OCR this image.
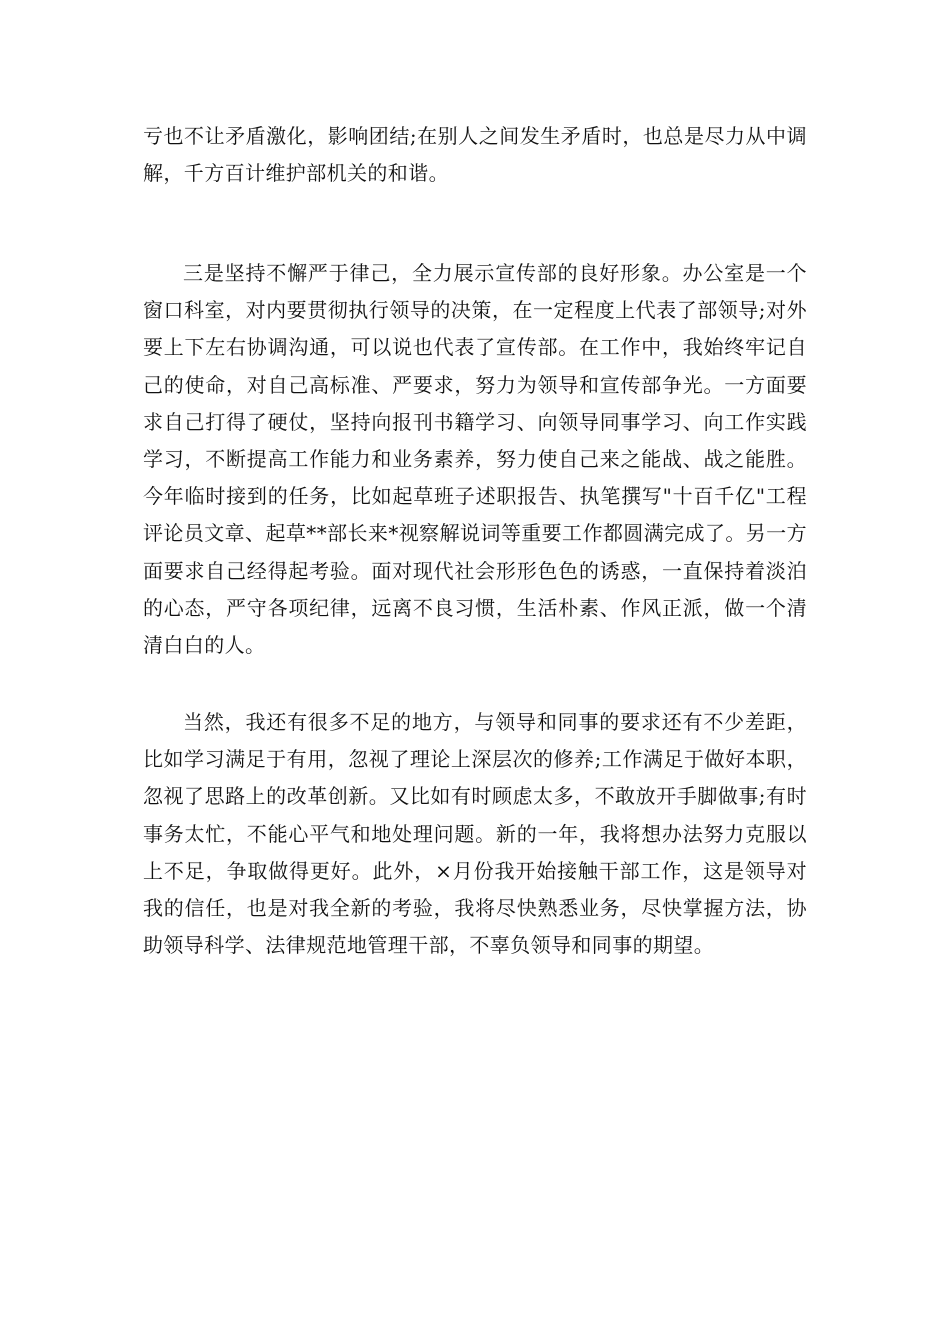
亏也不让矛盾激化，影响团结;在别人之间发生矛盾时，也总是尽力从中调解，千方百计维护部机关的和谐。

三是坚持不懈严于律己，全力展示宣传部的良好形象。办公室是一个窗口科室，对内要贯彻执行领导的决策，在一定程度上代表了部领导;对外要上下左右协调沟通，可以说也代表了宣传部。在工作中，我始终牢记自己的使命，对自己高标准、严要求，努力为领导和宣传部争光。一方面要求自己打得了硬仗，坚持向报刊书籍学习、向领导同事学习、向工作实践学习，不断提高工作能力和业务素养，努力使自己来之能战、战之能胜。今年临时接到的任务，比如起草班子述职报告、执笔撰写"十百千亿"工程评论员文章、起草**部长来*视察解说词等重要工作都圆满完成了。另一方面要求自己经得起考验。面对现代社会形形色色的诱惑，一直保持着淡泊的心态，严守各项纪律，远离不良习惯，生活朴素、作风正派，做一个清清白白的人。

当然，我还有很多不足的地方，与领导和同事的要求还有不少差距，比如学习满足于有用，忽视了理论上深层次的修养;工作满足于做好本职，忽视了思路上的改革创新。又比如有时顾虑太多，不敢放开手脚做事;有时事务太忙，不能心平气和地处理问题。新的一年，我将想办法努力克服以上不足，争取做得更好。此外，×月份我开始接触干部工作，这是领导对我的信任，也是对我全新的考验，我将尽快熟悉业务，尽快掌握方法，协助领导科学、法律规范地管理干部，不辜负领导和同事的期望。
